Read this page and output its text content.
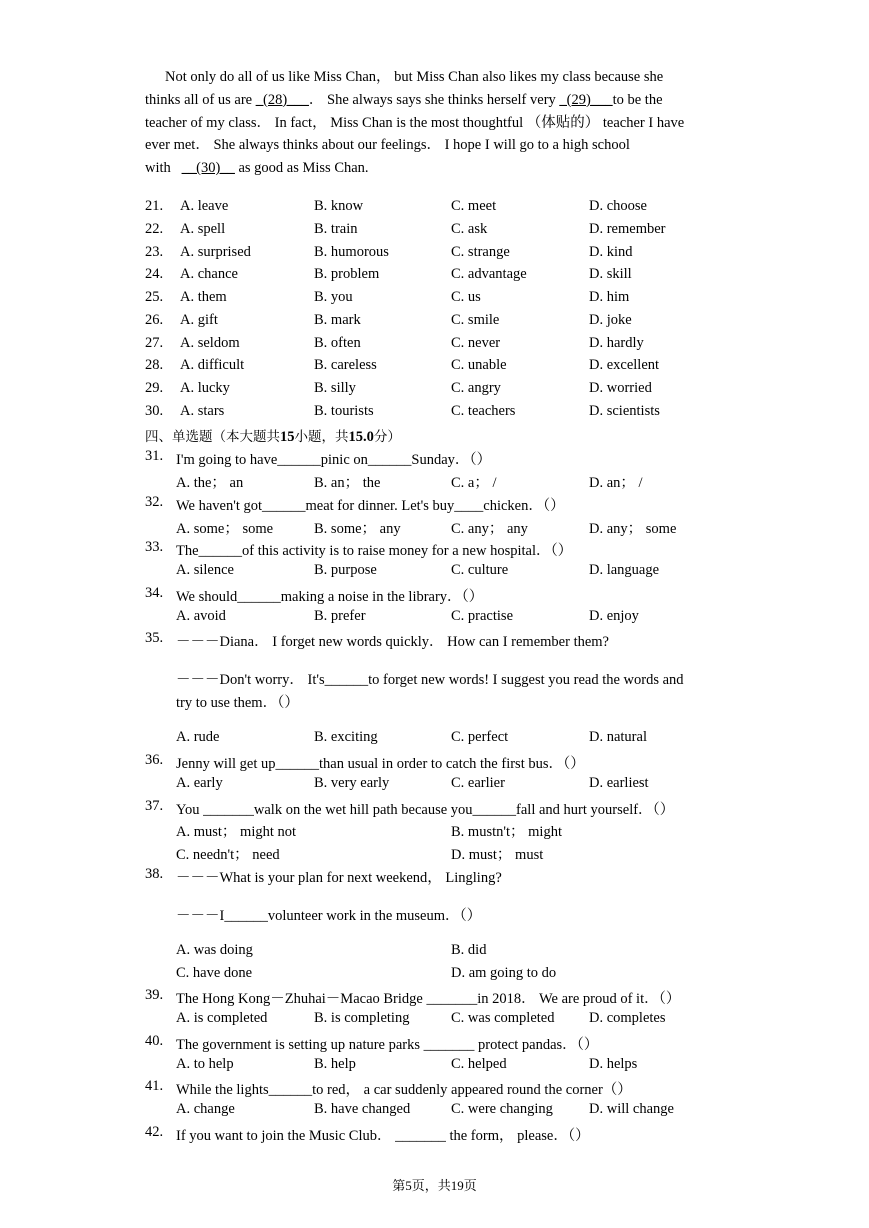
Not only do all of us like Miss Chan， but Miss Chan also likes my class because she

thinks all of us are _(28)___． She always says she thinks herself very _(29)___to be the

teacher of my class． In fact， Miss Chan is the most thoughtful （体贴的） teacher I have

ever met． She always thinks about our feelings． I hope I will go to a high school

with __(30)__ as good as Miss Chan.

21. A. leave	B. know	C. meet	D. choose
22. A. spell	B. train	C. ask	D. remember
23. A. surprised	B. humorous	C. strange	D. kind
24. A. chance	B. problem	C. advantage	D. skill
25. A. them	B. you	C. us	D. him
26. A. gift	B. mark	C. smile	D. joke
27. A. seldom	B. often	C. never	D. hardly
28. A. difficult	B. careless	C. unable	D. excellent
29. A. lucky	B. silly	C. angry	D. worried
30. A. stars	B. tourists	C. teachers	D. scientists
四、单选题（本大题共15小题，共15.0分）
31. I'm going to have______pinic on______Sunday．（）
A. the； an	B. an； the	C. a； /	D. an； /
32. We haven't got______meat for dinner. Let's buy____chicken．（）
A. some； some	B. some； any	C. any； any	D. any； some
33. The______of this activity is to raise money for a new hospital．（）
A. silence	B. purpose	C. culture	D. language
34. We should______making a noise in the library．（）
A. avoid	B. prefer	C. practise	D. enjoy
35. －－－Diana． I forget new words quickly． How can I remember them?
－－－Don't worry． It's______to forget new words! I suggest you read the words and
try to use them．（）
A. rude	B. exciting	C. perfect	D. natural
36. Jenny will get up______than usual in order to catch the first bus．（）
A. early	B. very early	C. earlier	D. earliest
37. You _______walk on the wet hill path because you______fall and hurt yourself．（）
A. must； might not	B. mustn't； might
C. needn't； need	D. must； must
38. －－－What is your plan for next weekend， Lingling?
－－－I______volunteer work in the museum．（）
A. was doing	B. did
C. have done	D. am going to do
39. The Hong Kong－Zhuhai－Macao Bridge _______in 2018． We are proud of it．（）
A. is completed	B. is completing	C. was completed D. completes
40. The government is setting up nature parks _______ protect pandas．（）
A. to help	B. help	C. helped	D. helps
41. While the lights______to red， a car suddenly appeared round the corner（）
A. change	B. have changed	C. were changing D. will change
42. If you want to join the Music Club． _______ the form， please．（）
第5页，共19页
